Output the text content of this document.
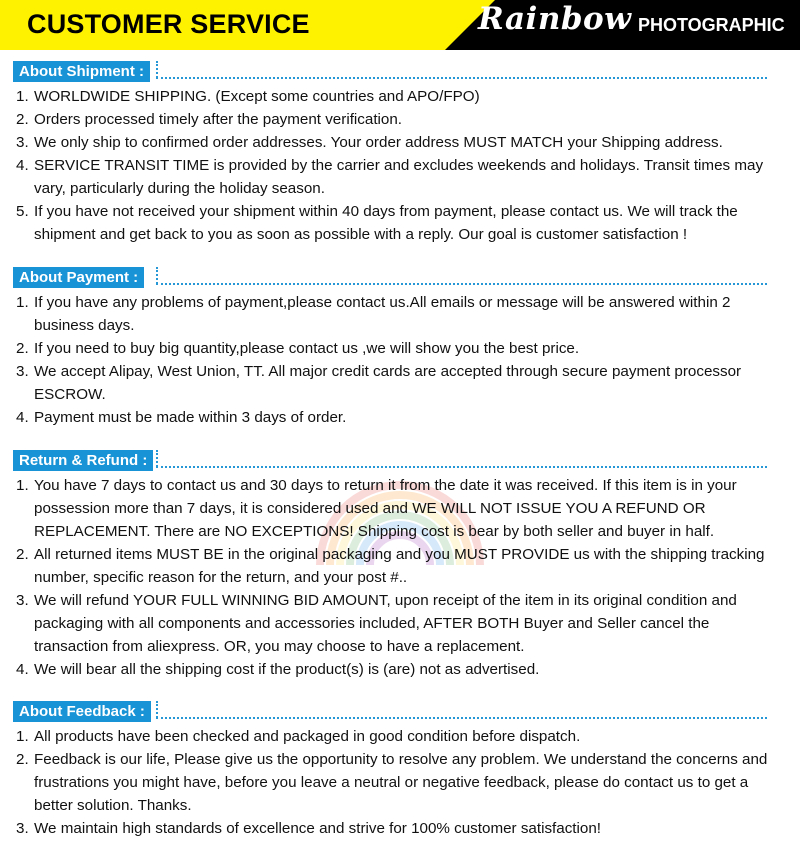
CUSTOMER SERVICE	Rainbow PHOTOGRAPHIC
About Shipment :
1. WORLDWIDE SHIPPING. (Except some countries and APO/FPO)
2. Orders processed timely after the payment verification.
3. We only ship to confirmed order addresses. Your order address MUST MATCH your Shipping address.
4. SERVICE TRANSIT TIME is provided by the carrier and excludes weekends and holidays. Transit times may vary, particularly during the holiday season.
5. If you have not received your shipment within 40 days from payment, please contact us. We will track the shipment and get back to you as soon as possible with a reply. Our goal is customer satisfaction !
About Payment :
1. If you have any problems of payment,please contact us.All emails or message will be answered within 2 business days.
2. If you need to buy big quantity,please contact us ,we will show you the best price.
3. We accept Alipay, West Union, TT. All major credit cards are accepted through secure payment processor ESCROW.
4. Payment must be made within 3 days of order.
Return & Refund :
1. You have 7 days to contact us and 30 days to return it from the date it was received. If this item is in your possession more than 7 days, it is considered used and WE WILL NOT ISSUE YOU A REFUND OR REPLACEMENT. There are NO EXCEPTIONS! Shipping cost is bear by both seller and buyer in half.
2. All returned items MUST BE in the original packaging and you MUST PROVIDE us with the shipping tracking number, specific reason for the return, and your post #..
3. We will refund YOUR FULL WINNING BID AMOUNT, upon receipt of the item in its original condition and packaging with all components and accessories included, AFTER BOTH Buyer and Seller cancel the transaction from aliexpress. OR, you may choose to have a replacement.
4. We will bear all the shipping cost if the product(s) is (are) not as advertised.
About Feedback :
1. All products have been checked and packaged in good condition before dispatch.
2. Feedback is our life, Please give us the opportunity to resolve any problem. We understand the concerns and frustrations you might have, before you leave a neutral or negative feedback, please do contact us to get a better solution. Thanks.
3. We maintain high standards of excellence and strive for 100% customer satisfaction!
